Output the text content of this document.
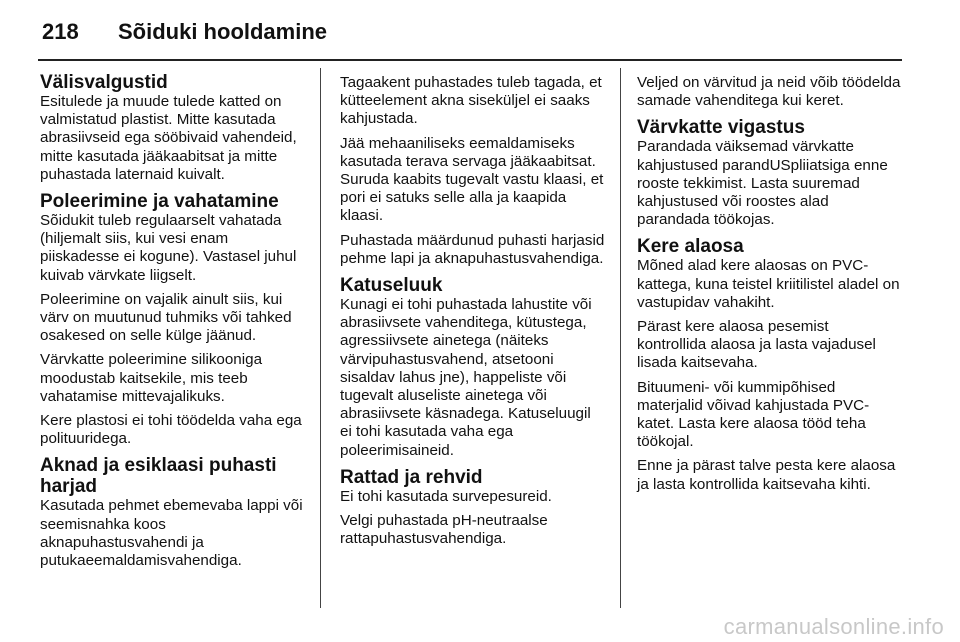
218 Sõiduki hooldamine
Välisvalgustid

Esitulede ja muude tulede katted on valmistatud plastist. Mitte kasutada abrasiivseid ega sööbivaid vahendeid, mitte kasutada jääkaabitsat ja mitte puhastada laternaid kuivalt.

Poleerimine ja vahatamine

Sõidukit tuleb regulaarselt vahatada (hiljemalt siis, kui vesi enam piiskadesse ei kogune). Vastasel juhul kuivab värvkate liigselt.

Poleerimine on vajalik ainult siis, kui värv on muutunud tuhmiks või tahked osakesed on selle külge jäänud.

Värvkatte poleerimine silikooniga moodustab kaitsekile, mis teeb vahatamise mittevajalikuks.

Kere plastosi ei tohi töödelda vaha ega polituuridega.

Aknad ja esiklaasi puhasti harjad

Kasutada pehmet ebemevaba lappi või seemisnahka koos aknapuhastusvahendi ja putukaeemaldamisvahendiga.

Tagaakent puhastades tuleb tagada, et kütteelement akna siseküljel ei saaks kahjustada.

Jää mehaaniliseks eemaldamiseks kasutada terava servaga jääkaabitsat. Suruda kaabits tugevalt vastu klaasi, et pori ei satuks selle alla ja kaapida klaasi.

Puhastada määrdunud puhasti harjasid pehme lapi ja aknapuhastusvahendiga.

Katuseluuk

Kunagi ei tohi puhastada lahustite või abrasiivsete vahenditega, kütustega, agressiivsete ainetega (näiteks värvipuhastusvahend, atsetooni sisaldav lahus jne), happeliste või tugevalt aluseliste ainetega või abrasiivsete käsnadega. Katuseluugil ei tohi kasutada vaha ega poleerimisaineid.

Rattad ja rehvid

Ei tohi kasutada survepesureid.

Velgi puhastada pH-neutraalse rattapuhastusvahendiga.

Veljed on värvitud ja neid võib töödelda samade vahenditega kui keret.

Värvkatte vigastus

Parandada väiksemad värvkatte kahjustused parandUSpliiatsiga enne rooste tekkimist. Lasta suuremad kahjustused või roostes alad parandada töökojas.

Kere alaosa

Mõned alad kere alaosas on PVC-kattega, kuna teistel kriitilistel aladel on vastupidav vahakiht.

Pärast kere alaosa pesemist kontrollida alaosa ja lasta vajadusel lisada kaitsevaha.

Bituumeni- või kummipõhised materjalid võivad kahjustada PVC-katet. Lasta kere alaosa tööd teha töökojal.

Enne ja pärast talve pesta kere alaosa ja lasta kontrollida kaitsevaha kihti.

carmanualsonline.info
